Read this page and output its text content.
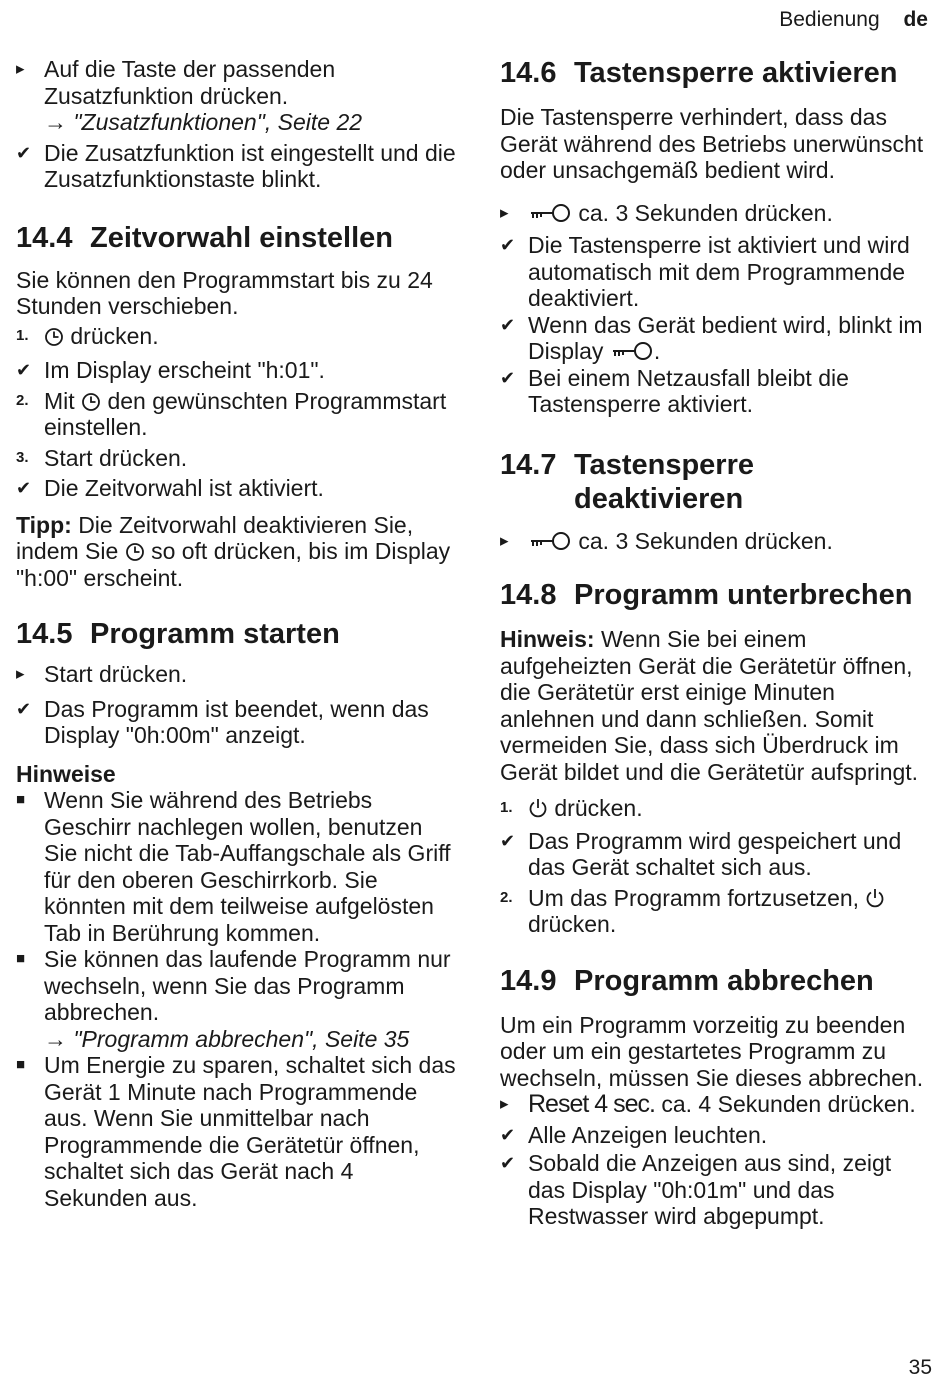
Bedienung de
▸ Auf die Taste der passenden Zusatzfunktion drücken.
→ "Zusatzfunktionen", Seite 22
✔ Die Zusatzfunktion ist eingestellt und die Zusatzfunktionstaste blinkt.
14.4 Zeitvorwahl einstellen

Sie können den Programmstart bis zu 24 Stunden verschieben.

1.	drücken.
✔ Im Display erscheint "h:01".
2. Mit den gewünschten Programmstart einstellen.
3. Start drücken.
✔ Die Zeitvorwahl ist aktiviert.

Tipp: Die Zeitvorwahl deaktivieren Sie, indem Sie so oft drücken, bis im Display "h:00" erscheint.

14.5 Programm starten
▸ Start drücken.
✔ Das Programm ist beendet, wenn das Display "0h:00m" anzeigt.
Hinweise
■ Wenn Sie während des Betriebs Geschirr nachlegen wollen, benutzen Sie nicht die Tab-Auffangschale als Griff für den oberen Geschirrkorb. Sie könnten mit dem teilweise aufgelösten Tab in Berührung kommen.
■ Sie können das laufende Programm nur wechseln, wenn Sie das Programm abbrechen.
→ "Programm abbrechen", Seite 35
■ Um Energie zu sparen, schaltet sich das Gerät 1 Minute nach Programmende aus. Wenn Sie unmittelbar nach Programmende die Gerätetür öffnen, schaltet sich das Gerät nach 4 Sekunden aus.
14.6 Tastensperre aktivieren

Die Tastensperre verhindert, dass das Gerät während des Betriebs unerwünscht oder unsachgemäß bedient wird.

▸	ca. 3 Sekunden drücken.
✔ Die Tastensperre ist aktiviert und wird automatisch mit dem Programmende deaktiviert.
✔ Wenn das Gerät bedient wird, blinkt im Display .
✔ Bei einem Netzausfall bleibt die Tastensperre aktiviert.
14.7 Tastensperre deaktivieren
▸	ca. 3 Sekunden drücken.
14.8 Programm unterbrechen

Hinweis: Wenn Sie bei einem aufgeheizten Gerät die Gerätetür öffnen, die Gerätetür erst einige Minuten anlehnen und dann schließen. Somit vermeiden Sie, dass sich Überdruck im Gerät bildet und die Gerätetür aufspringt.

1.	drücken.
✔ Das Programm wird gespeichert und das Gerät schaltet sich aus.
2. Um das Programm fortzusetzen,  drücken.
14.9 Programm abbrechen

Um ein Programm vorzeitig zu beenden oder um ein gestartetes Programm zu wechseln, müssen Sie dieses abbrechen.

▸ Reset 4 sec. ca. 4 Sekunden drücken.
✔ Alle Anzeigen leuchten.
✔ Sobald die Anzeigen aus sind, zeigt das Display "0h:01m" und das Restwasser wird abgepumpt.
35
